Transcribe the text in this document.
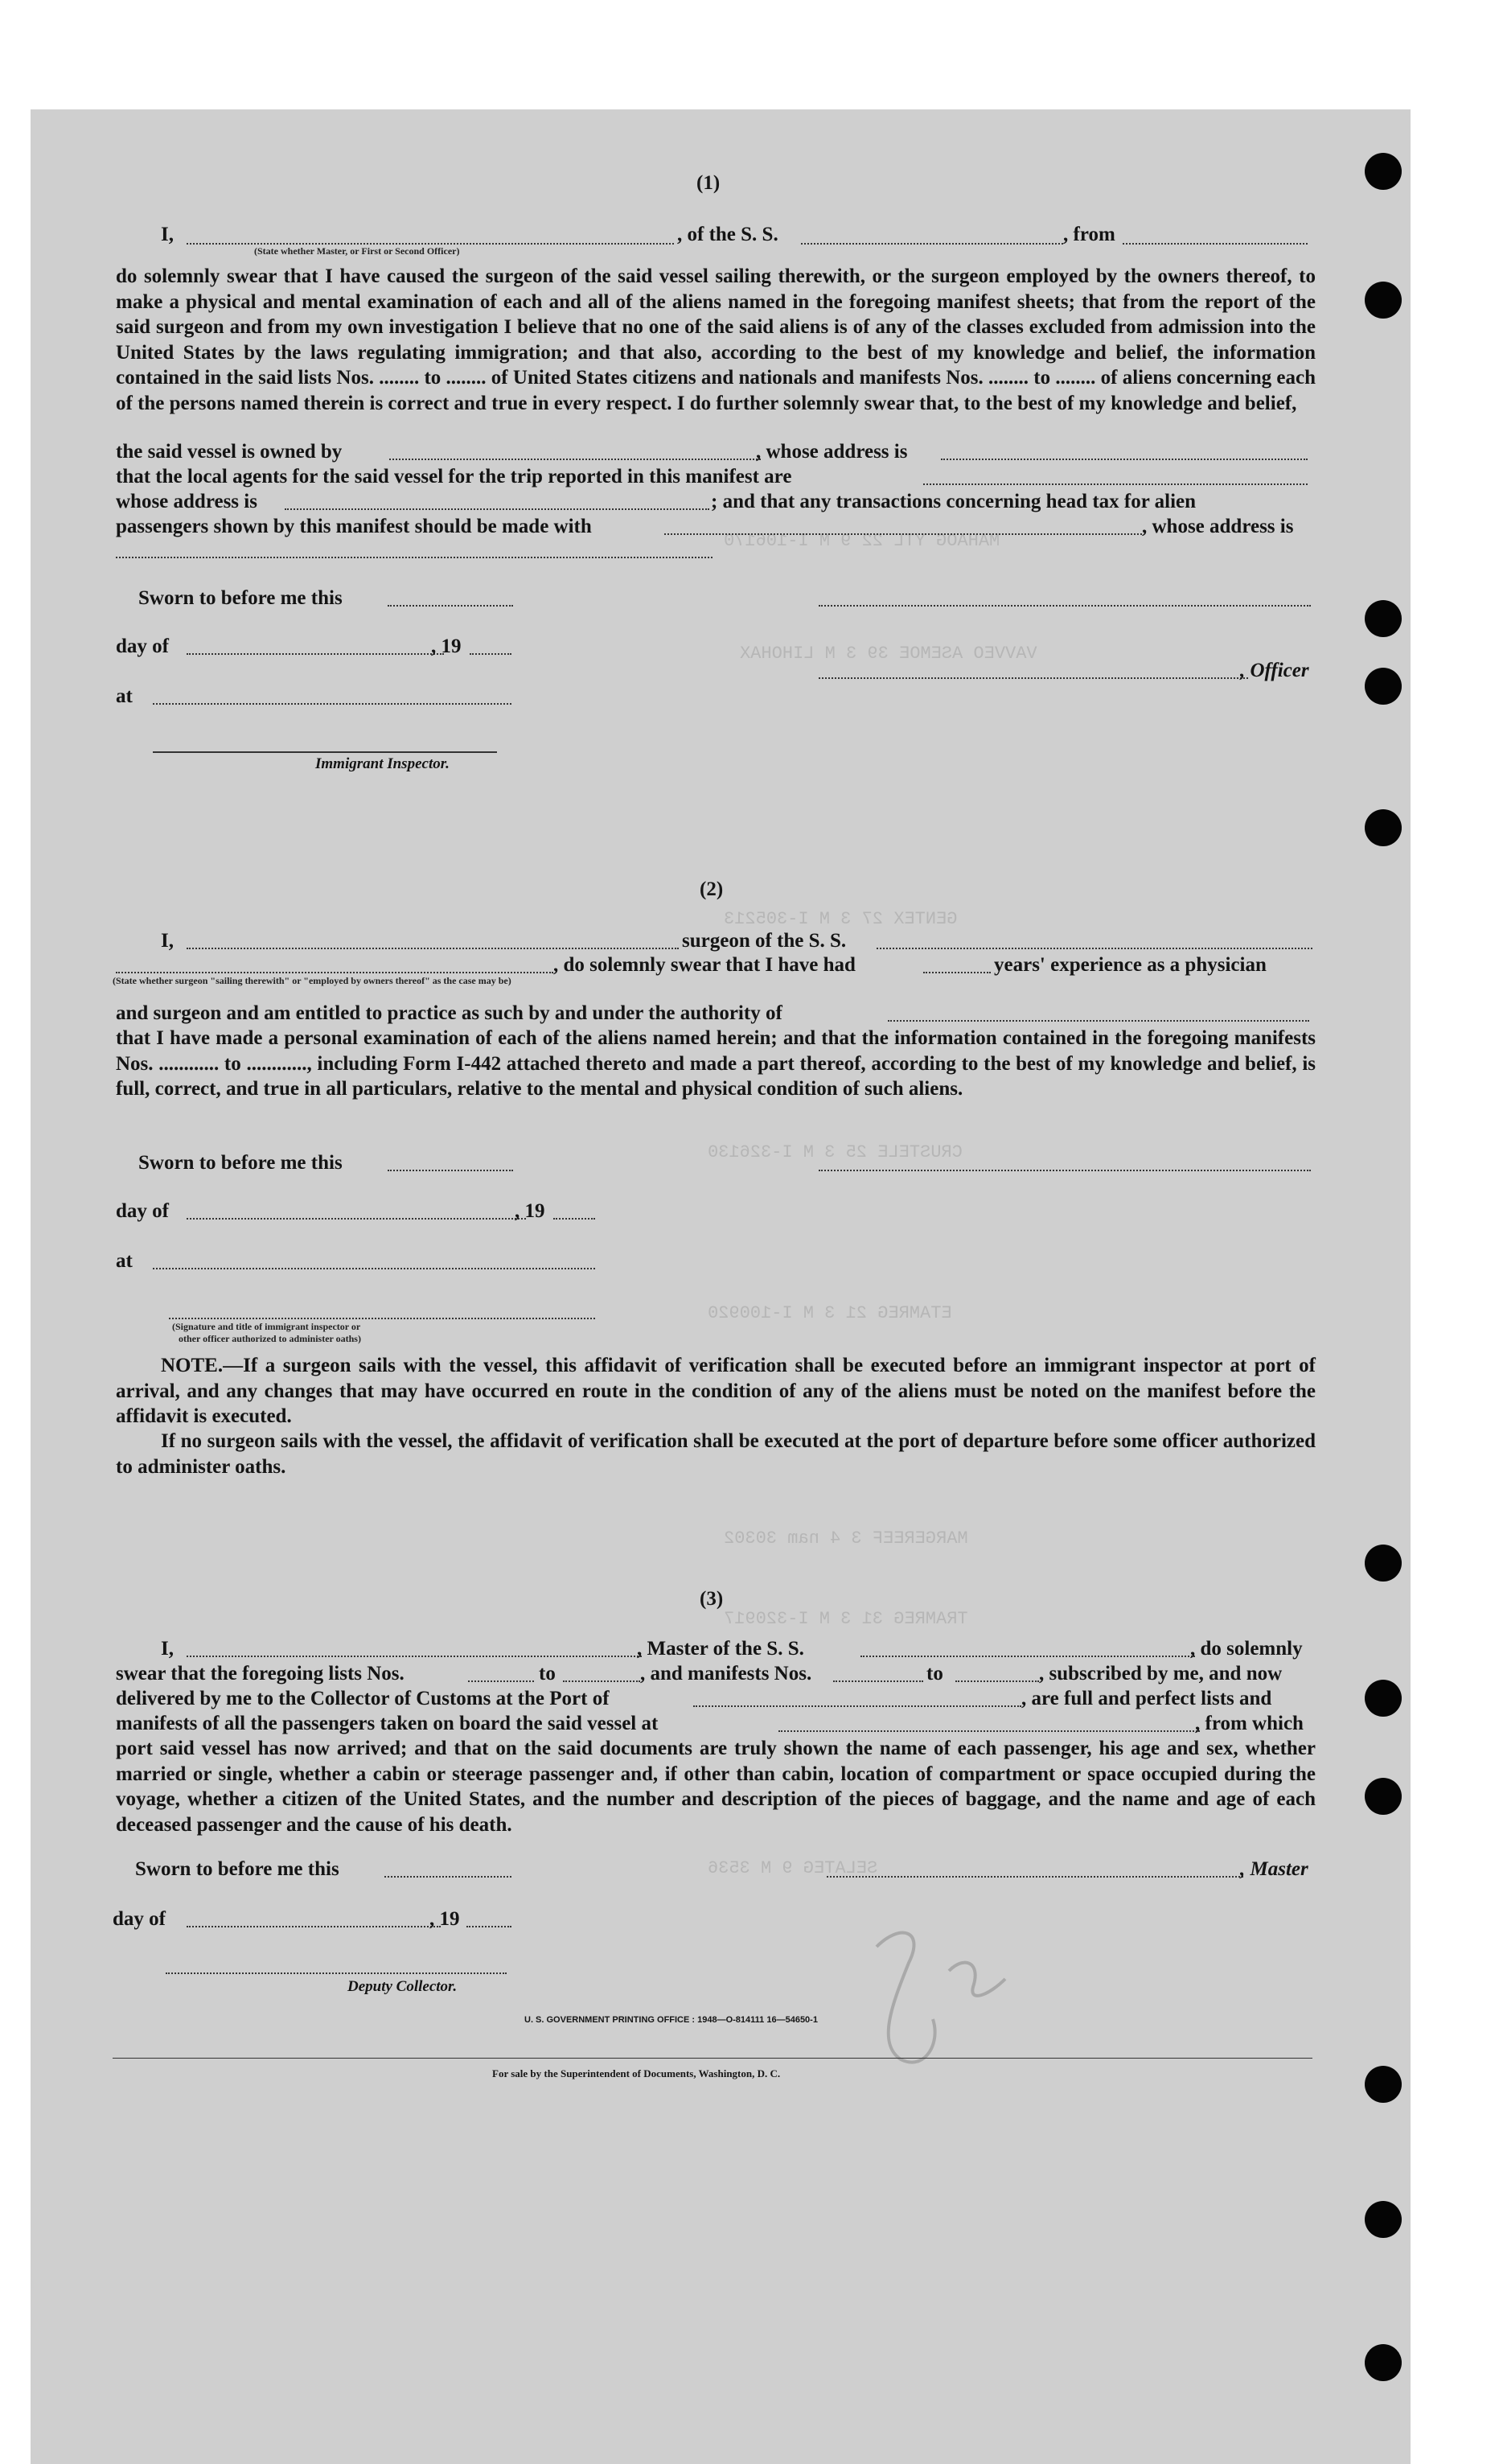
MAHAOG YTL 22 9 M I-106170
VAVVEO ASEMOE 39 3 M LIHOHAX
GENTEX 27 3 M I-305213
CRUSTELE 25 3 M I-326130
ETAMREG 21 3 M I-100920
MARGEREEF 3 4 nam 30302
TRAMREG 31 3 M I-320917
SELATEG 9 M 3536
(1)
I,	, of the S. S.	, from
(State whether Master, or First or Second Officer)
do solemnly swear that I have caused the surgeon of the said vessel sailing therewith, or the surgeon employed by the owners thereof, to make a physical and mental examination of each and all of the aliens named in the foregoing manifest sheets; that from the report of the said surgeon and from my own investigation I believe that no one of the said aliens is of any of the classes excluded from admission into the United States by the laws regulating immigration; and that also, according to the best of my knowledge and belief, the information contained in the said lists Nos. ........ to ........ of United States citizens and nationals and manifests Nos. ........ to ........ of aliens concerning each of the persons named therein is correct and true in every respect. I do further solemnly swear that, to the best of my knowledge and belief,
the said vessel is owned by	, whose address is
that the local agents for the said vessel for the trip reported in this manifest are
whose address is	; and that any transactions concerning head tax for alien
passengers shown by this manifest should be made with	, whose address is
Sworn to before me this
day of	, 19
, Officer
at
Immigrant Inspector.
(2)
I,	surgeon of the S. S.
, do solemnly swear that I have had	years' experience as a physician
(State whether surgeon "sailing therewith" or "employed by owners thereof" as the case may be)
and surgeon and am entitled to practice as such by and under the authority of
that I have made a personal examination of each of the aliens named herein; and that the information contained in the foregoing manifests Nos. ............ to ............, including Form I-442 attached thereto and made a part thereof, according to the best of my knowledge and belief, is full, correct, and true in all particulars, relative to the mental and physical condition of such aliens.
Sworn to before me this
day of	, 19
at
(Signature and title of immigrant inspector or
other officer authorized to administer oaths)
NOTE.—If a surgeon sails with the vessel, this affidavit of verification shall be executed before an immigrant inspector at port of arrival, and any changes that may have occurred en route in the condition of any of the aliens must be noted on the manifest before the affidavit is executed.
If no surgeon sails with the vessel, the affidavit of verification shall be executed at the port of departure before some officer authorized to administer oaths.
(3)
I,	, Master of the S. S.	, do solemnly
swear that the foregoing lists Nos.	to	, and manifests Nos.	to	, subscribed by me, and now
delivered by me to the Collector of Customs at the Port of	, are full and perfect lists and
manifests of all the passengers taken on board the said vessel at	, from which
port said vessel has now arrived; and that on the said documents are truly shown the name of each passenger, his age and sex, whether married or single, whether a cabin or steerage passenger and, if other than cabin, location of compartment or space occupied during the voyage, whether a citizen of the United States, and the number and description of the pieces of baggage, and the name and age of each deceased passenger and the cause of his death.
Sworn to before me this	, Master
day of	, 19
Deputy Collector.
U. S. GOVERNMENT PRINTING OFFICE : 1948—O-814111 16—54650-1
For sale by the Superintendent of Documents, Washington, D. C.
